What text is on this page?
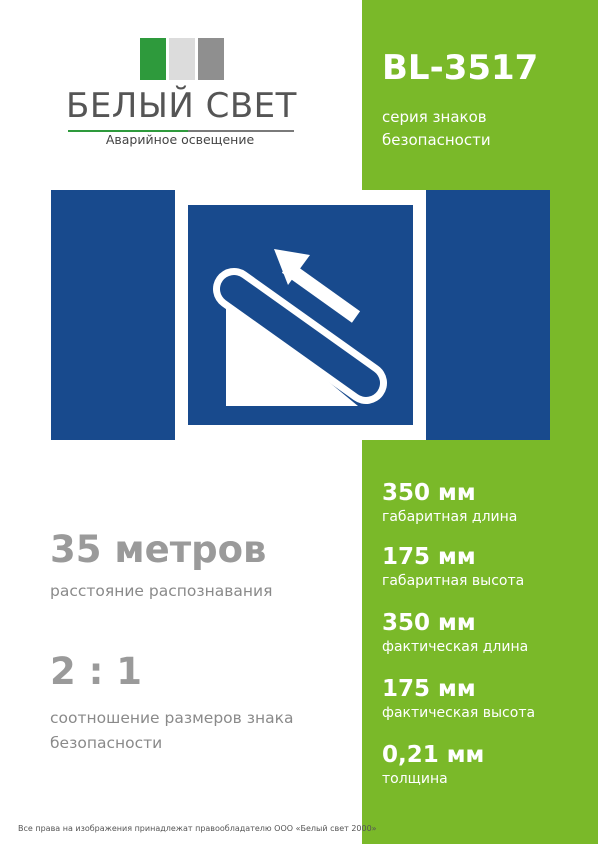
БЕЛЫЙ СВЕТ
Аварийное освещение
BL-3517
серия знаков
безопасности
35 метров
расстояние распознавания
2 : 1
соотношение размеров знака
безопасности
350 мм
габаритная длина
175 мм
габаритная высота
350 мм
фактическая длина
175 мм
фактическая высота
0,21 мм
толщина
Все права на изображения принадлежат правообладателю ООО «Белый свет 2000»
